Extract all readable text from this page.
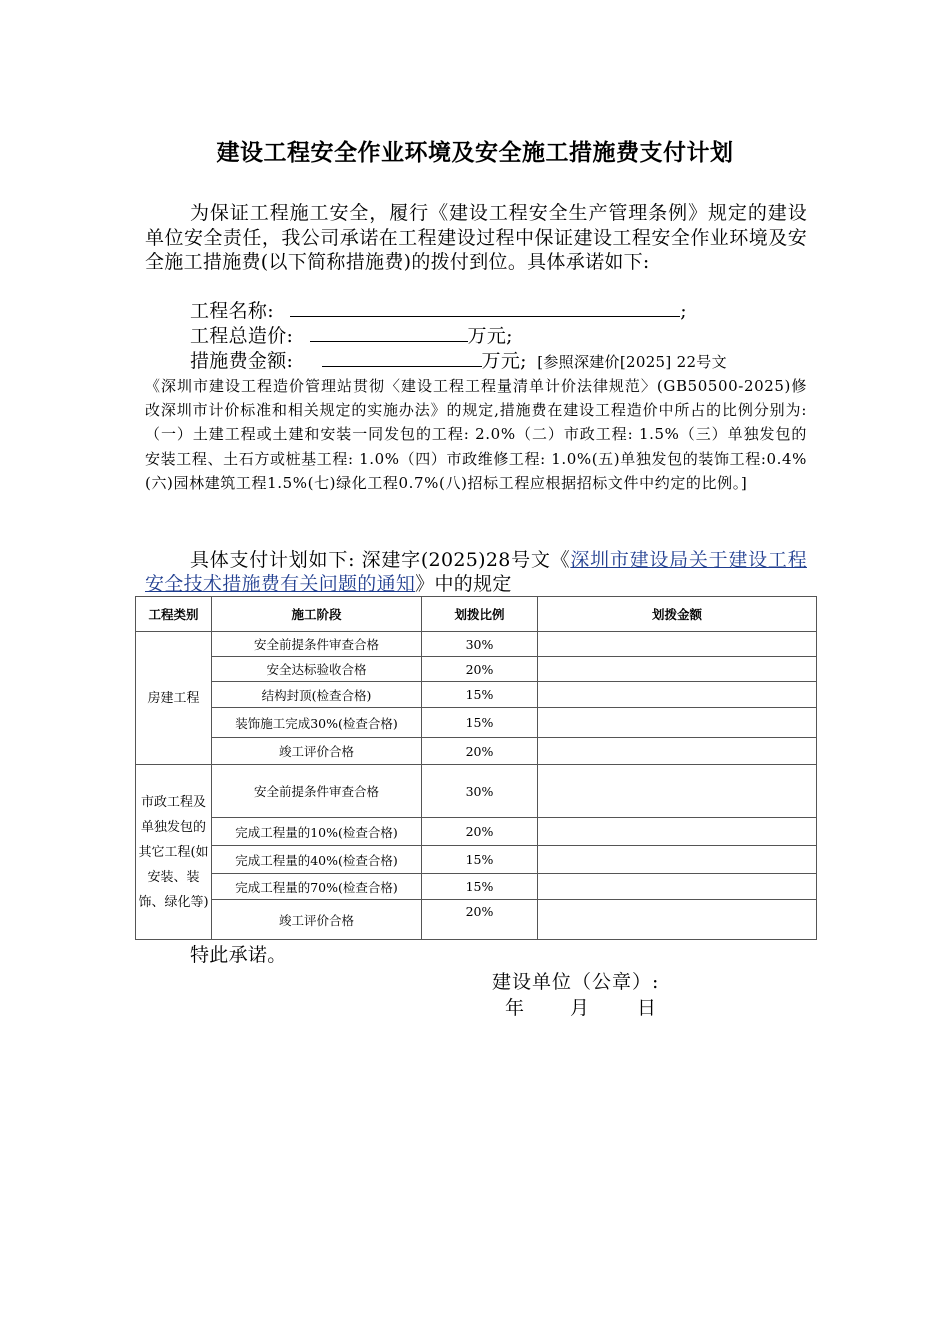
建设工程安全作业环境及安全施工措施费支付计划
为保证工程施工安全，履行《建设工程安全生产管理条例》规定的建设单位安全责任，我公司承诺在工程建设过程中保证建设工程安全作业环境及安全施工措施费(以下简称措施费)的拨付到位。具体承诺如下:
工程名称:	;
工程总造价:	万元;
措施费金额:	万元; [参照深建价[2025] 22号文
《深圳市建设工程造价管理站贯彻〈建设工程工程量清单计价法律规范〉(GB50500-2025)修改深圳市计价标准和相关规定的实施办法》的规定,措施费在建设工程造价中所占的比例分别为: （一）土建工程或土建和安装一同发包的工程: 2.0%（二）市政工程: 1.5%（三）单独发包的安装工程、土石方或桩基工程: 1.0%（四）市政维修工程: 1.0%(五)单独发包的装饰工程:0.4%(六)园林建筑工程1.5%(七)绿化工程0.7%(八)招标工程应根据招标文件中约定的比例。]
具体支付计划如下: 深建字(2025)28号文《深圳市建设局关于建设工程安全技术措施费有关问题的通知》中的规定
工程类别	施工阶段	划拨比例	划拨金额
房建工程	安全前提条件审查合格	30%	
	安全达标验收合格	20%	
	结构封顶(检查合格)	15%	
	装饰施工完成30%(检查合格)	15%	
	竣工评价合格	20%	
市政工程及单独发包的其它工程(如安装、装饰、绿化等)	安全前提条件审查合格	30%	
	完成工程量的10%(检查合格)	20%	
	完成工程量的40%(检查合格)	15%	
	完成工程量的70%(检查合格)	15%	
	竣工评价合格	20%	
特此承诺。
建设单位（公章）:
年 月 日
